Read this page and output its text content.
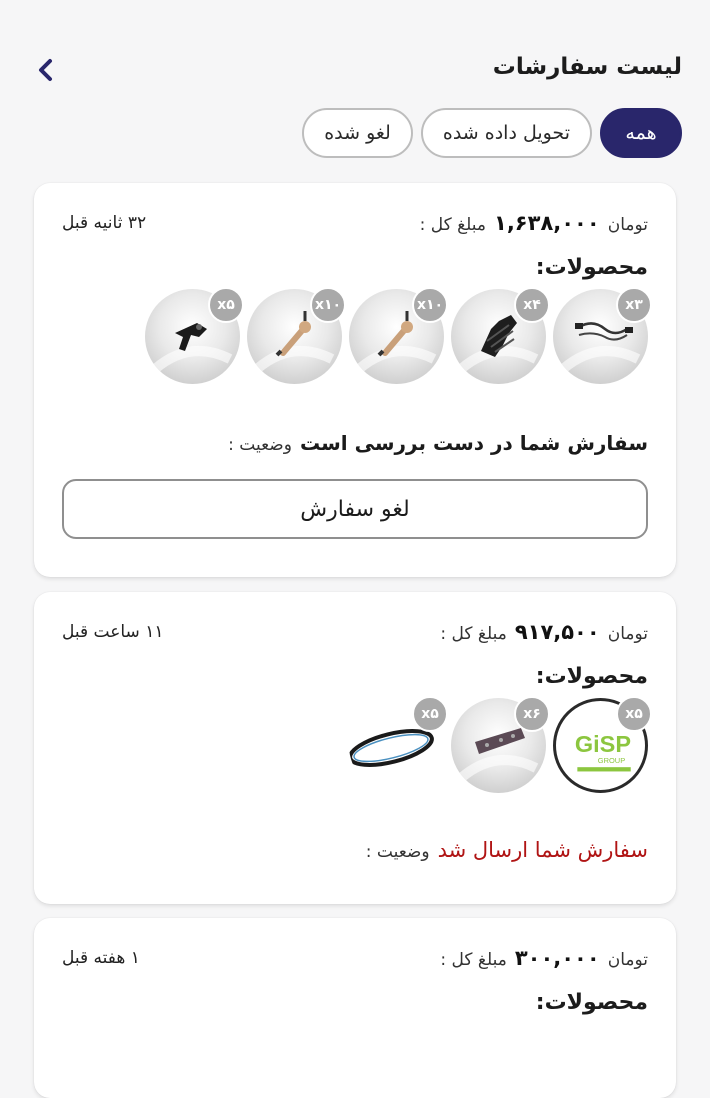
لیست سفارشات
همه
تحویل داده شده
لغو شده
مبلغ کل : ۱,۶۳۸,۰۰۰ تومان
۳۲ ثانیه قبل
محصولات:
x۳
x۴
x۱۰
x۱۰
x۵
وضعیت : سفارش شما در دست بررسی است
لغو سفارش
مبلغ کل : ۹۱۷,۵۰۰ تومان
۱۱ ساعت قبل
محصولات:
GiSP
GROUP
x۵
x۶
x۵
وضعیت : سفارش شما ارسال شد
مبلغ کل : ۳۰۰,۰۰۰ تومان
۱ هفته قبل
محصولات:
